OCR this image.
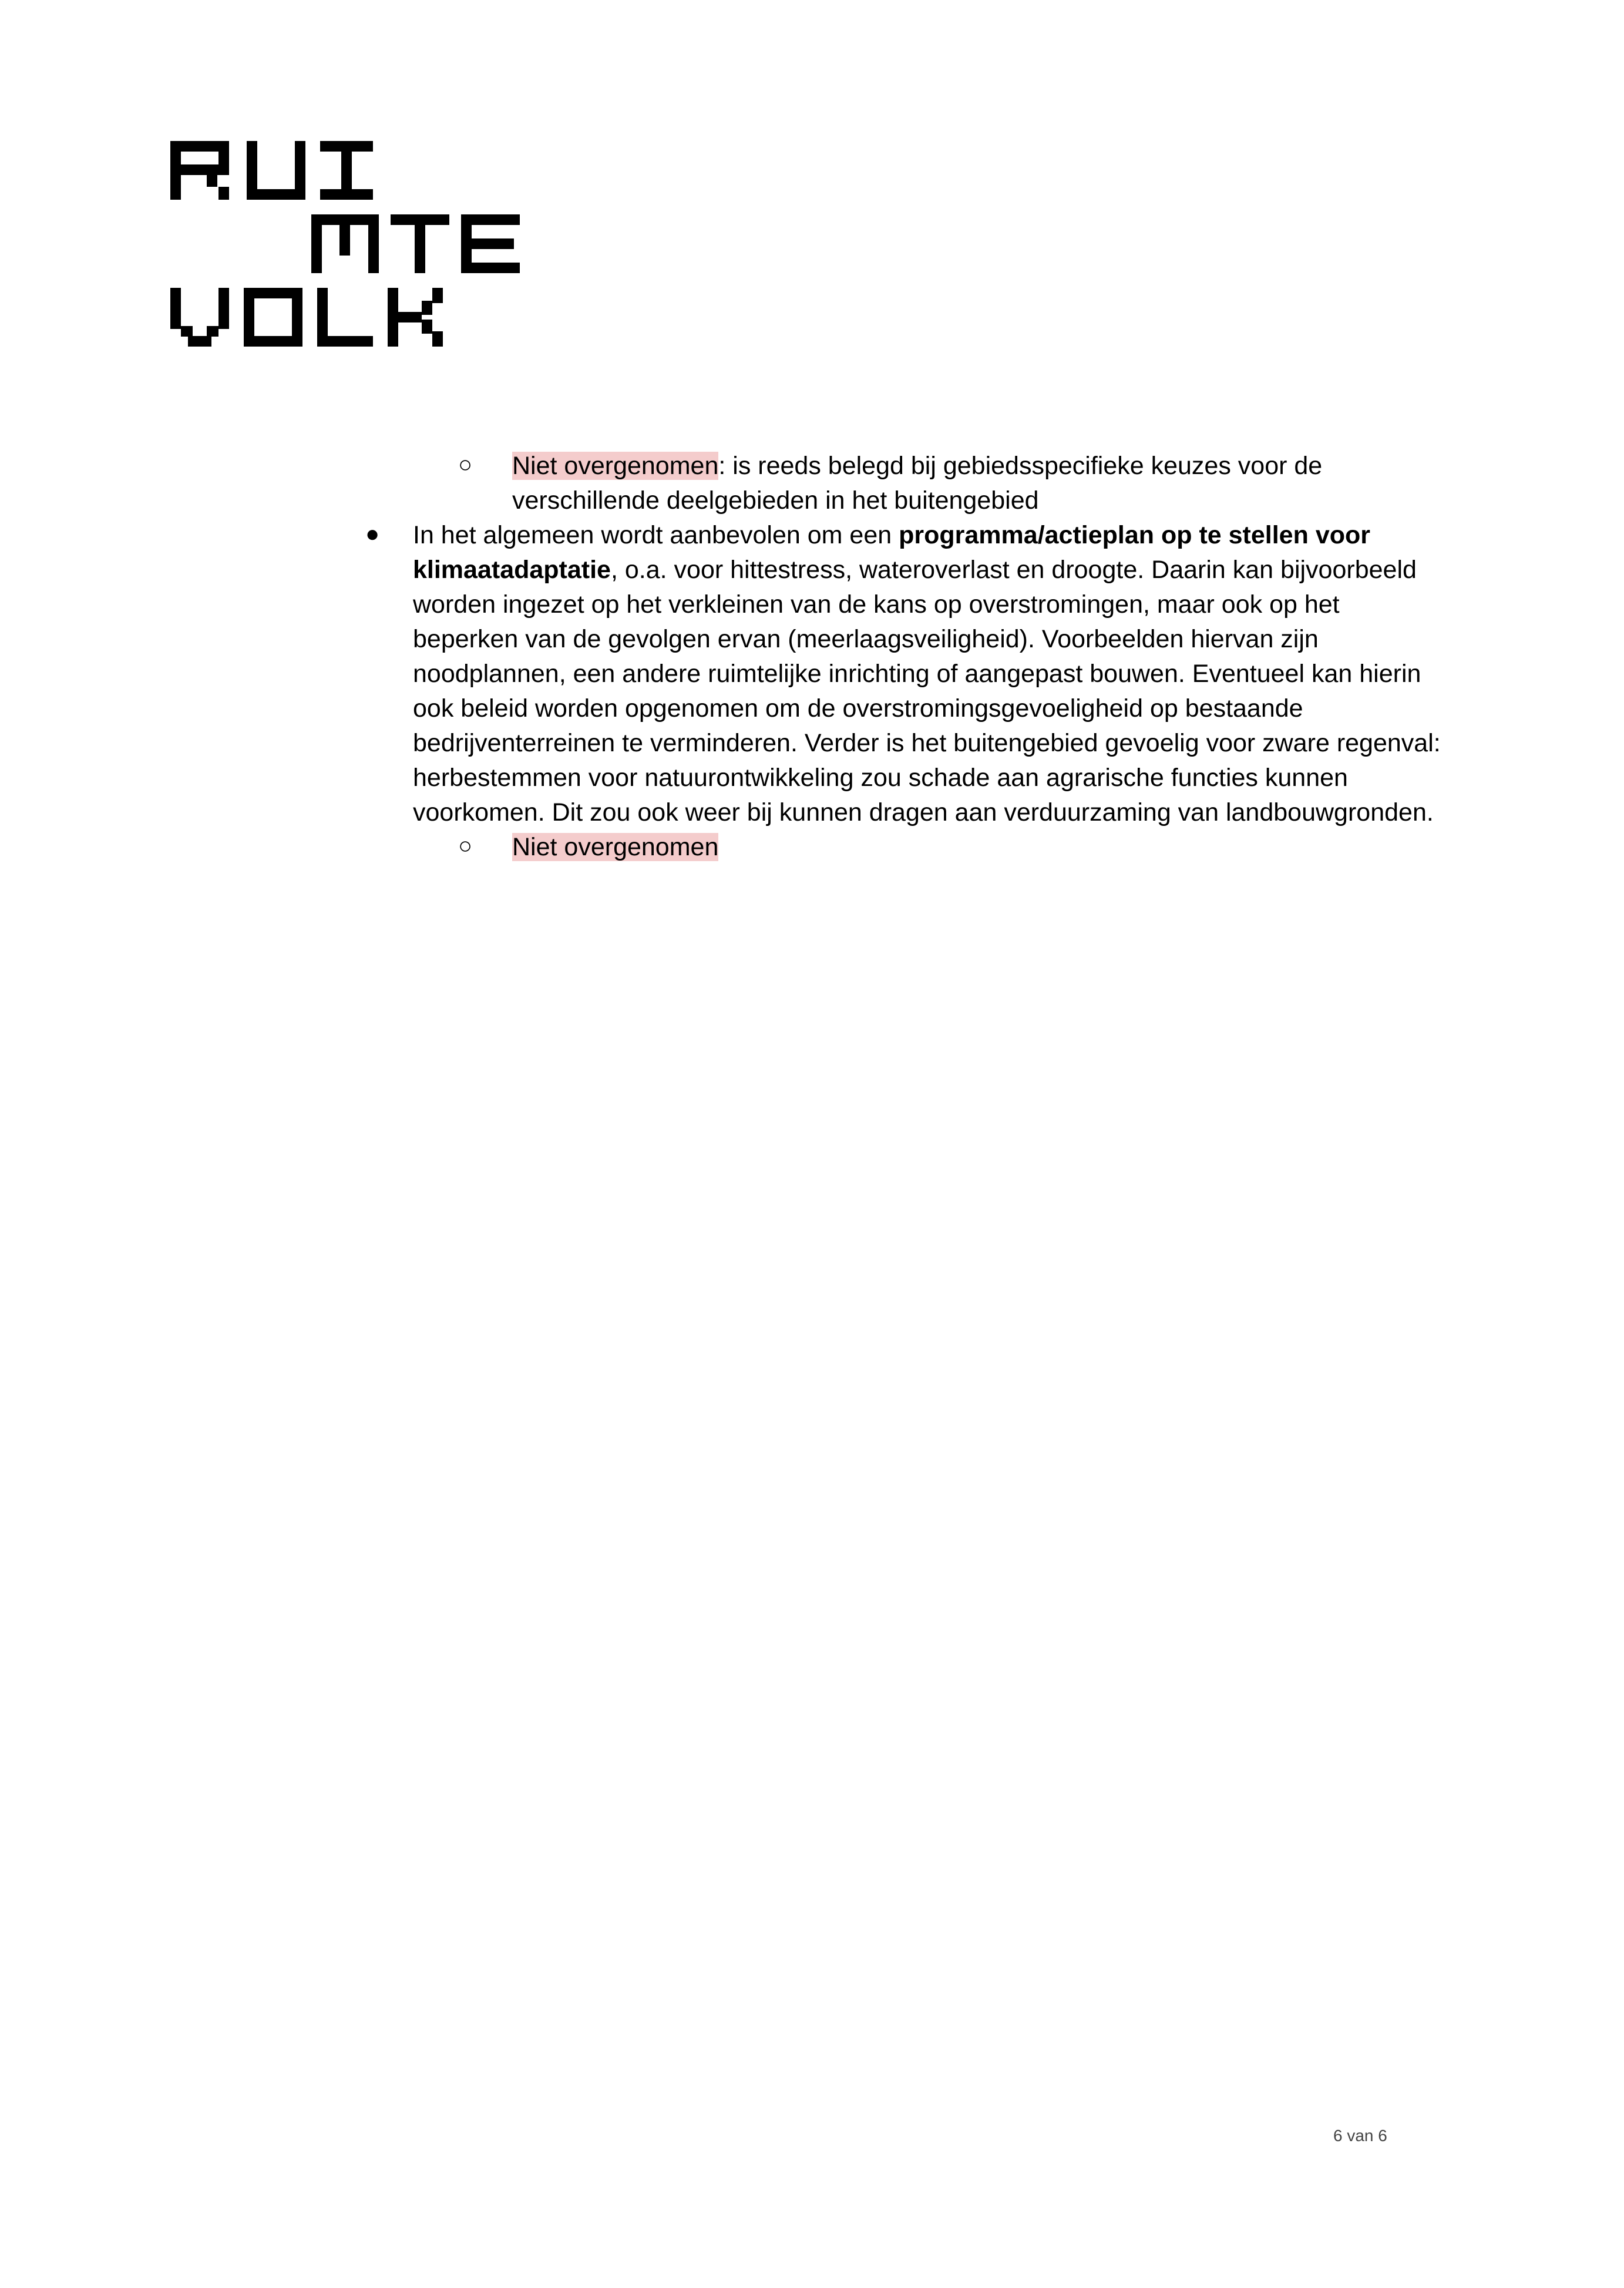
○ Niet overgenomen: is reeds belegd bij gebiedsspecifieke keuzes voor de
verschillende deelgebieden in het buitengebied
● In het algemeen wordt aanbevolen om een programma/actieplan op te stellen voor
klimaatadaptatie, o.a. voor hittestress, wateroverlast en droogte. Daarin kan bijvoorbeeld
worden ingezet op het verkleinen van de kans op overstromingen, maar ook op het
beperken van de gevolgen ervan (meerlaagsveiligheid). Voorbeelden hiervan zijn
noodplannen, een andere ruimtelijke inrichting of aangepast bouwen. Eventueel kan hierin
ook beleid worden opgenomen om de overstromingsgevoeligheid op bestaande
bedrijventerreinen te verminderen. Verder is het buitengebied gevoelig voor zware regenval:
herbestemmen voor natuurontwikkeling zou schade aan agrarische functies kunnen
voorkomen. Dit zou ook weer bij kunnen dragen aan verduurzaming van landbouwgronden.
○ Niet overgenomen
6 van 6
